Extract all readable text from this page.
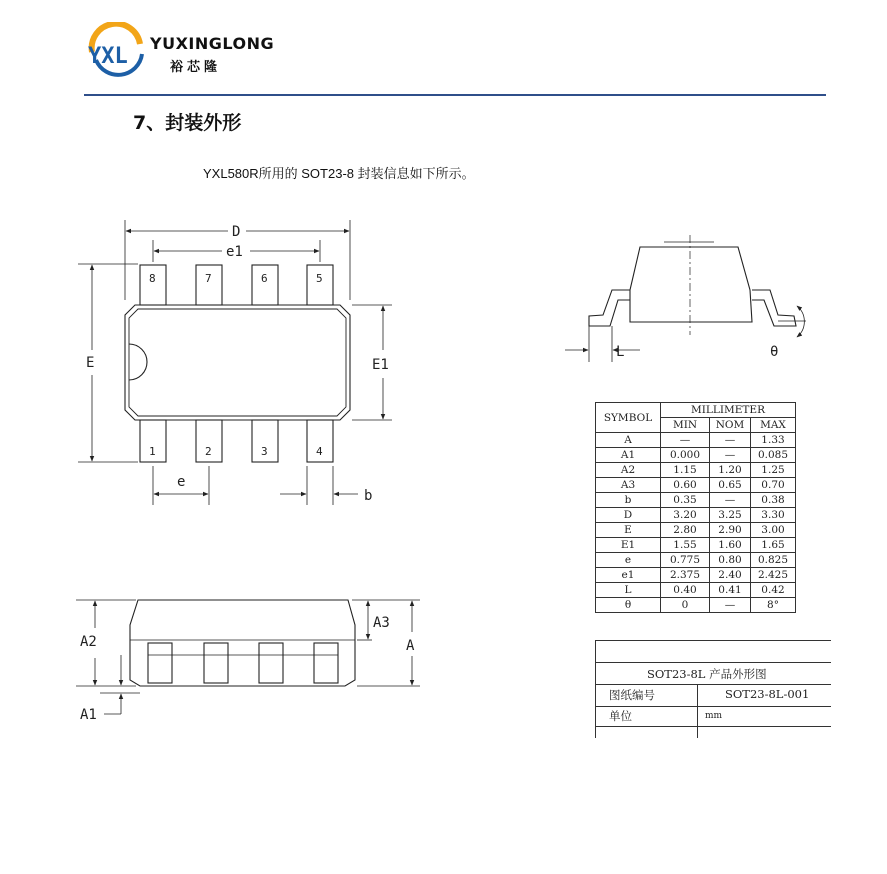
YXL
YUXINGLONG
裕芯隆
7、封装外形
YXL580R所用的 SOT23-8 封装信息如下所示。
D
e1
E	E1
e
b
A2
A1
A3
A
L	θ
8	7	6	5
1	2	3	4
SYMBOL	MILLIMETER		
	MIN	NOM	MAX
A	—	—	1.33
A1	0.000	—	0.085
A2	1.15	1.20	1.25
A3	0.60	0.65	0.70
b	0.35	—	0.38
D	3.20	3.25	3.30
E	2.80	2.90	3.00
E1	1.55	1.60	1.65
e	0.775	0.80	0.825
e1	2.375	2.40	2.425
L	0.40	0.41	0.42
θ	0	—	8°
SOT23-8L 产品外形图
图纸编号	SOT23-8L-001
单位	mm
